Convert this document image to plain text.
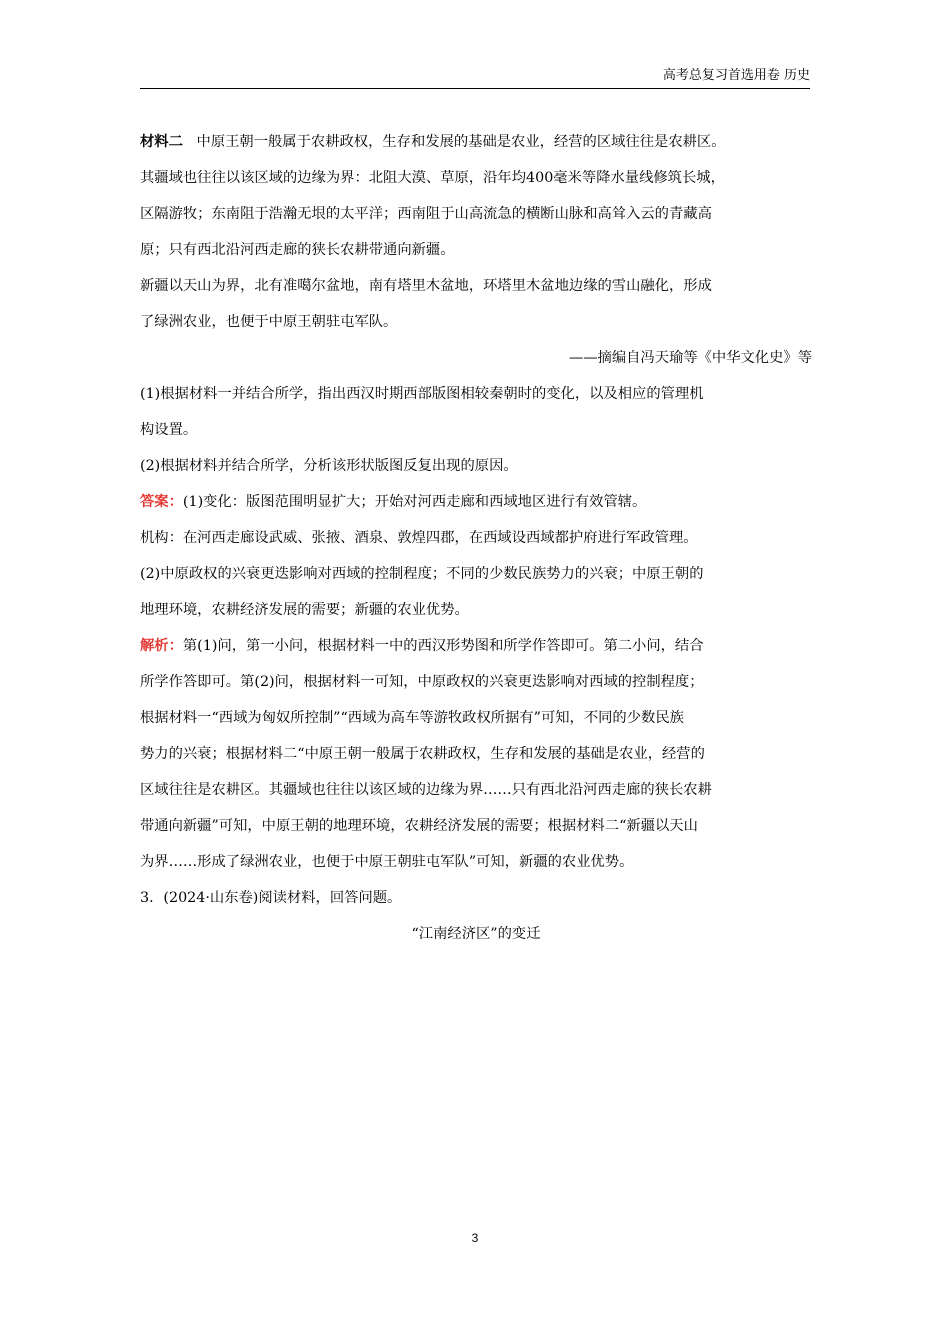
高考总复习首选用卷 历史

材料二 中原王朝一般属于农耕政权，生存和发展的基础是农业，经营的区域往往是农耕区。

其疆域也往往以该区域的边缘为界：北阻大漠、草原，沿年均400毫米等降水量线修筑长城，

区隔游牧；东南阻于浩瀚无垠的太平洋；西南阻于山高流急的横断山脉和高耸入云的青藏高

原；只有西北沿河西走廊的狭长农耕带通向新疆。

新疆以天山为界，北有准噶尔盆地，南有塔里木盆地，环塔里木盆地边缘的雪山融化，形成

了绿洲农业，也便于中原王朝驻屯军队。

——摘编自冯天瑜等《中华文化史》等

(1)根据材料一并结合所学，指出西汉时期西部版图相较秦朝时的变化，以及相应的管理机

构设置。

(2)根据材料并结合所学，分析该形状版图反复出现的原因。

答案：(1)变化：版图范围明显扩大；开始对河西走廊和西域地区进行有效管辖。

机构：在河西走廊设武威、张掖、酒泉、敦煌四郡，在西域设西域都护府进行军政管理。

(2)中原政权的兴衰更迭影响对西域的控制程度；不同的少数民族势力的兴衰；中原王朝的

地理环境，农耕经济发展的需要；新疆的农业优势。

解析：第(1)问，第一小问，根据材料一中的西汉形势图和所学作答即可。第二小问，结合

所学作答即可。第(2)问，根据材料一可知，中原政权的兴衰更迭影响对西域的控制程度；

根据材料一“西域为匈奴所控制”“西域为高车等游牧政权所据有”可知，不同的少数民族

势力的兴衰；根据材料二“中原王朝一般属于农耕政权，生存和发展的基础是农业，经营的

区域往往是农耕区。其疆域也往往以该区域的边缘为界……只有西北沿河西走廊的狭长农耕

带通向新疆”可知，中原王朝的地理环境，农耕经济发展的需要；根据材料二“新疆以天山

为界……形成了绿洲农业，也便于中原王朝驻屯军队”可知，新疆的农业优势。

3．(2024·山东卷)阅读材料，回答问题。

“江南经济区”的变迁

3
